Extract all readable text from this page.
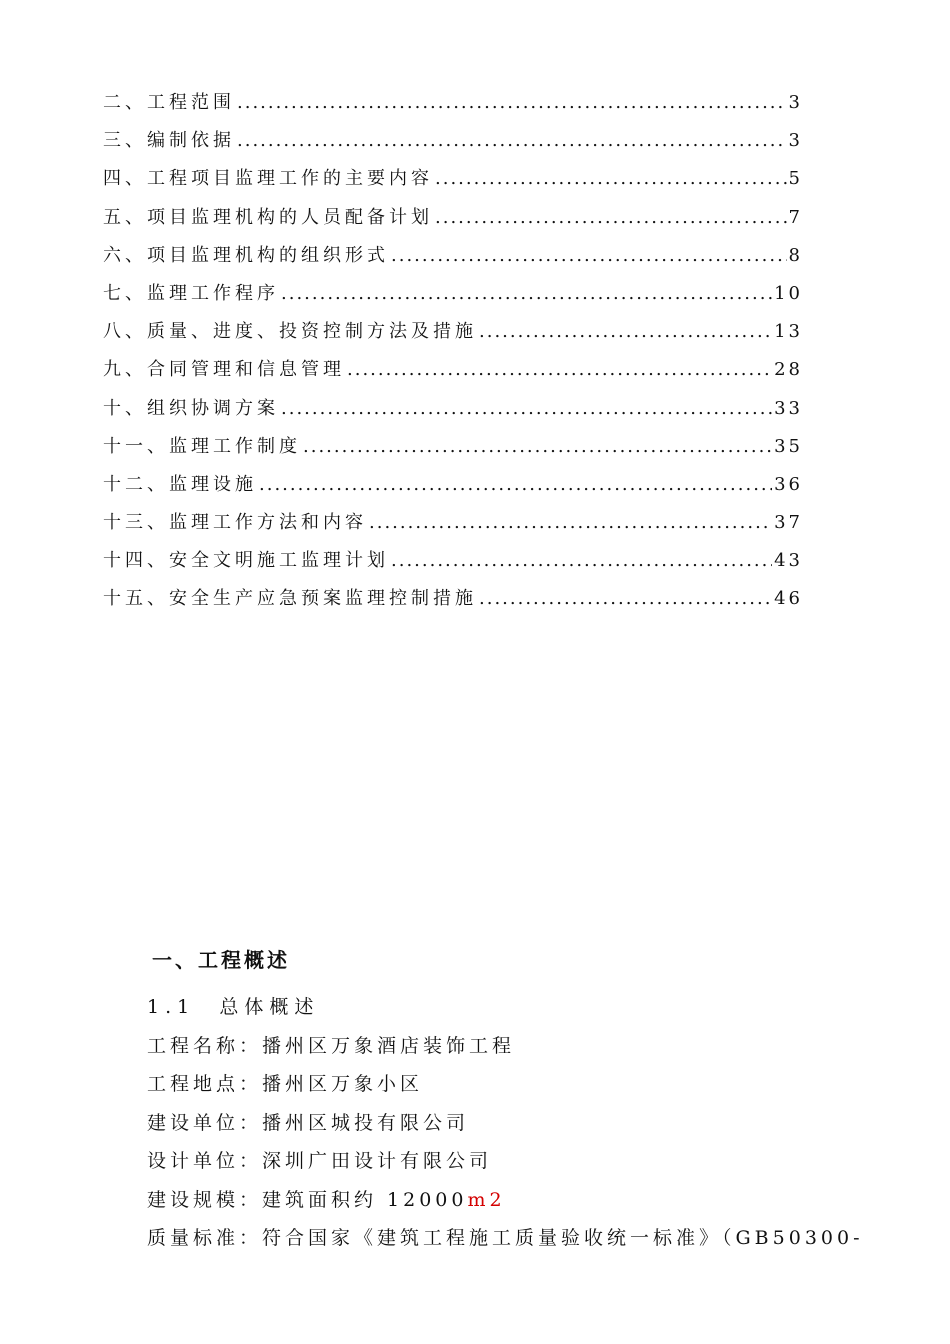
二、工程范围 .....	3
三、编制依据 .....	3
四、工程项目监理工作的主要内容 .....	5
五、项目监理机构的人员配备计划 .....	7
六、项目监理机构的组织形式 .....	8
七、监理工作程序 .....	10
八、质量、进度、投资控制方法及措施 .....	13
九、合同管理和信息管理 .....	28
十、组织协调方案 .....	33
十一、监理工作制度 .....	35
十二、监理设施 .....	36
十三、监理工作方法和内容 .....	37
十四、安全文明施工监理计划 .....	43
十五、安全生产应急预案监理控制措施 .....	46
一、工程概述
1.1 总体概述
工程名称：播州区万象酒店装饰工程
工程地点：播州区万象小区
建设单位：播州区城投有限公司
设计单位：深圳广田设计有限公司
建设规模：建筑面积约 12000m2
质量标准：符合国家《建筑工程施工质量验收统一标准》（GB50300-
